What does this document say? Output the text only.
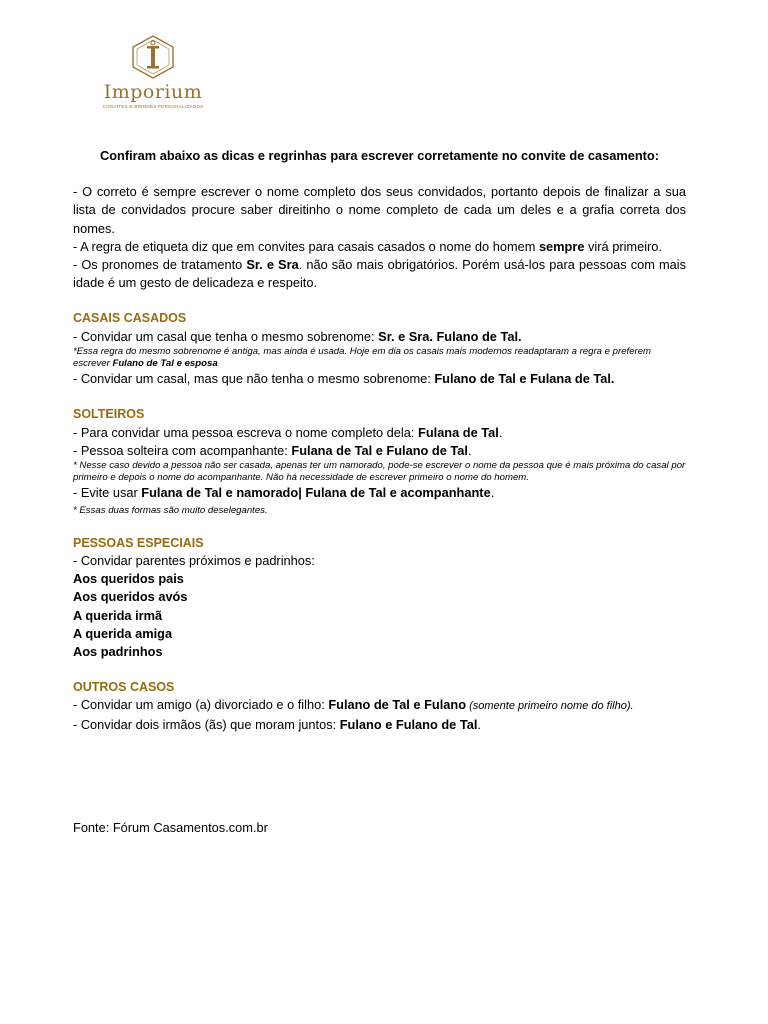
Imporium
CONVITES E BRINDES PERSONALIZADOS

Confiram abaixo as dicas e regrinhas para escrever corretamente no convite de casamento:

- O correto é sempre escrever o nome completo dos seus convidados, portanto depois de finalizar a sua lista de convidados procure saber direitinho o nome completo de cada um deles e a grafia correta dos nomes.

- A regra de etiqueta diz que em convites para casais casados o nome do homem sempre virá primeiro.

- Os pronomes de tratamento Sr. e Sra. não são mais obrigatórios. Porém usá-los para pessoas com mais idade é um gesto de delicadeza e respeito.

CASAIS CASADOS

- Convidar um casal que tenha o mesmo sobrenome: Sr. e Sra. Fulano de Tal.

*Essa regra do mesmo sobrenome é antiga, mas ainda é usada. Hoje em dia os casais mais modernos readaptaram a regra e preferem escrever Fulano de Tal e esposa

- Convidar um casal, mas que não tenha o mesmo sobrenome: Fulano de Tal e Fulana de Tal.

SOLTEIROS

- Para convidar uma pessoa escreva o nome completo dela: Fulana de Tal.

- Pessoa solteira com acompanhante: Fulana de Tal e Fulano de Tal.

* Nesse caso devido a pessoa não ser casada, apenas ter um namorado, pode-se escrever o nome da pessoa que é mais próxima do casal por primeiro e depois o nome do acompanhante. Não há necessidade de escrever primeiro o nome do homem.

- Evite usar Fulana de Tal e namorado| Fulana de Tal e acompanhante.

* Essas duas formas são muito deselegantes.

PESSOAS ESPECIAIS

- Convidar parentes próximos e padrinhos:

Aos queridos pais

Aos queridos avós

A querida irmã

A querida amiga

Aos padrinhos

OUTROS CASOS

- Convidar um amigo (a) divorciado e o filho: Fulano de Tal e Fulano (somente primeiro nome do filho).

- Convidar dois irmãos (ãs) que moram juntos: Fulano e Fulano de Tal.

Fonte: Fórum Casamentos.com.br
